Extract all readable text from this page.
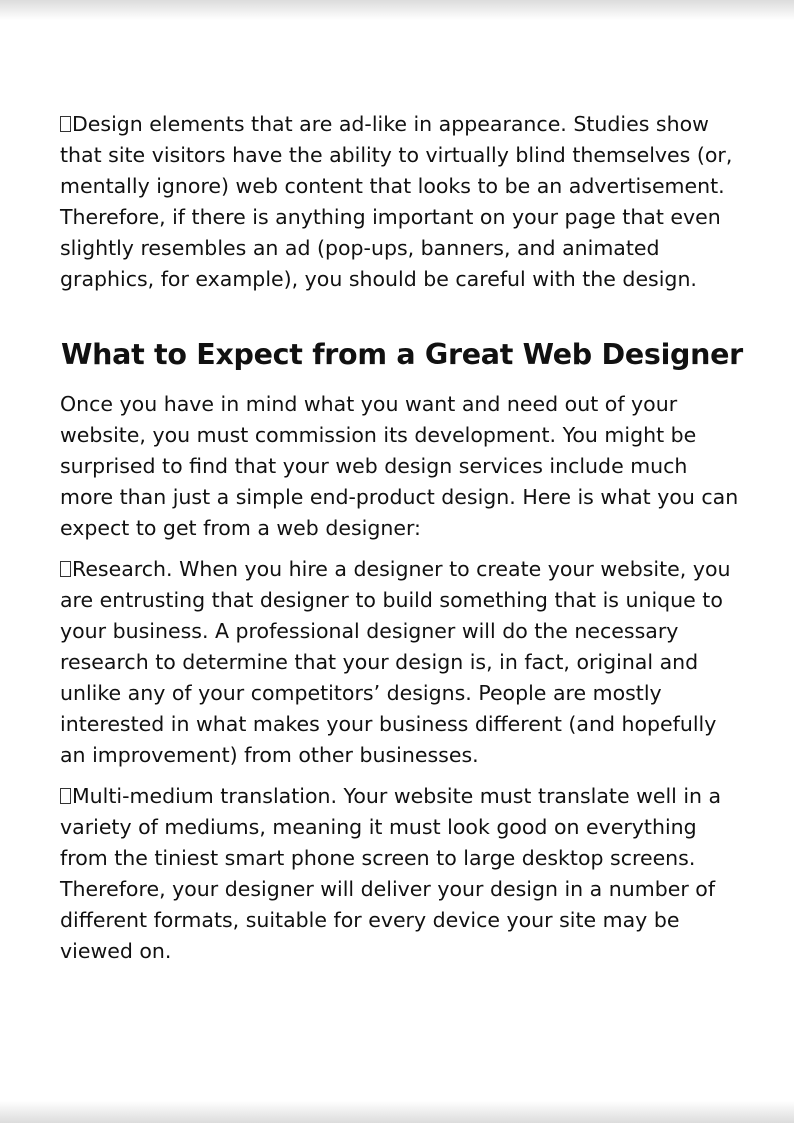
Design elements that are ad-like in appearance. Studies show that site visitors have the ability to virtually blind themselves (or, mentally ignore) web content that looks to be an advertisement. Therefore, if there is anything important on your page that even slightly resembles an ad (pop-ups, banners, and animated graphics, for example), you should be careful with the design.

What to Expect from a Great Web Designer

Once you have in mind what you want and need out of your website, you must commission its development. You might be surprised to find that your web design services include much more than just a simple end-product design. Here is what you can expect to get from a web designer:

Research. When you hire a designer to create your website, you are entrusting that designer to build something that is unique to your business. A professional designer will do the necessary research to determine that your design is, in fact, original and unlike any of your competitors’ designs. People are mostly interested in what makes your business different (and hopefully an improvement) from other businesses.

Multi-medium translation. Your website must translate well in a variety of mediums, meaning it must look good on everything from the tiniest smart phone screen to large desktop screens. Therefore, your designer will deliver your design in a number of different formats, suitable for every device your site may be viewed on.
